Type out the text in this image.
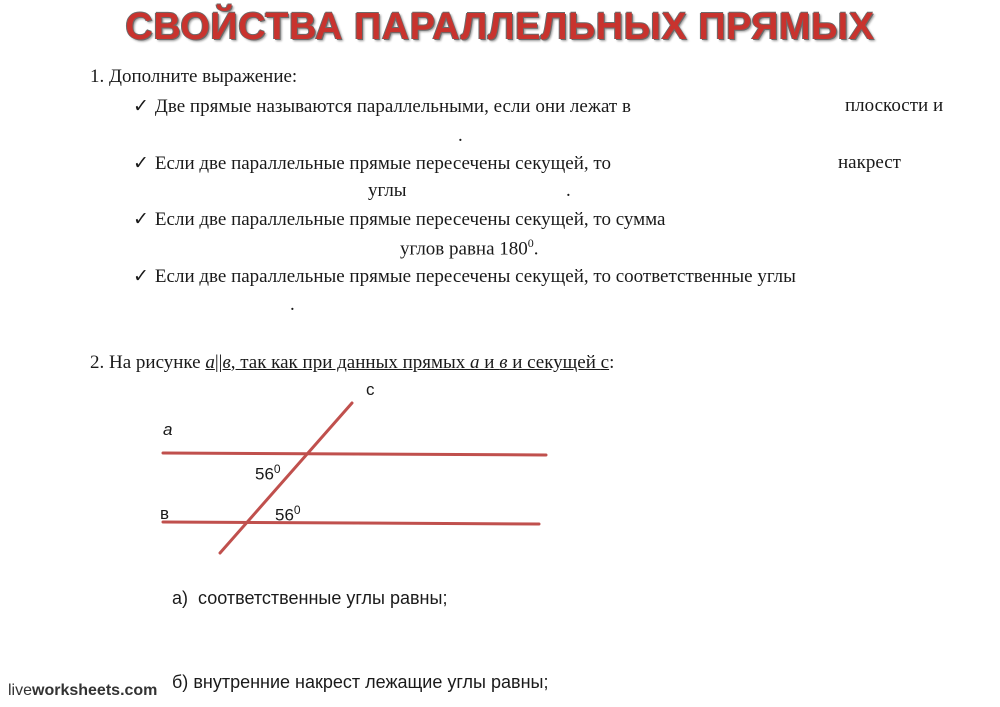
СВОЙСТВА ПАРАЛЛЕЛЬНЫХ ПРЯМЫХ
1. Дополните выражение:
✓ Две прямые называются параллельными, если они лежат в	плоскости и
.
✓ Если две параллельные прямые пересечены секущей, то	накрест
углы	.
✓ Если две параллельные прямые пересечены секущей, то сумма
углов равна $180^0$.
✓ Если две параллельные прямые пересечены секущей, то соответственные углы
.
2. На рисунке а||в, так как при данных прямых а и в и секущей с:
с
а
в
$56^0$
$56^0$
а) соответственные углы равны;
б) внутренние накрест лежащие углы равны;
liveworksheets.com
